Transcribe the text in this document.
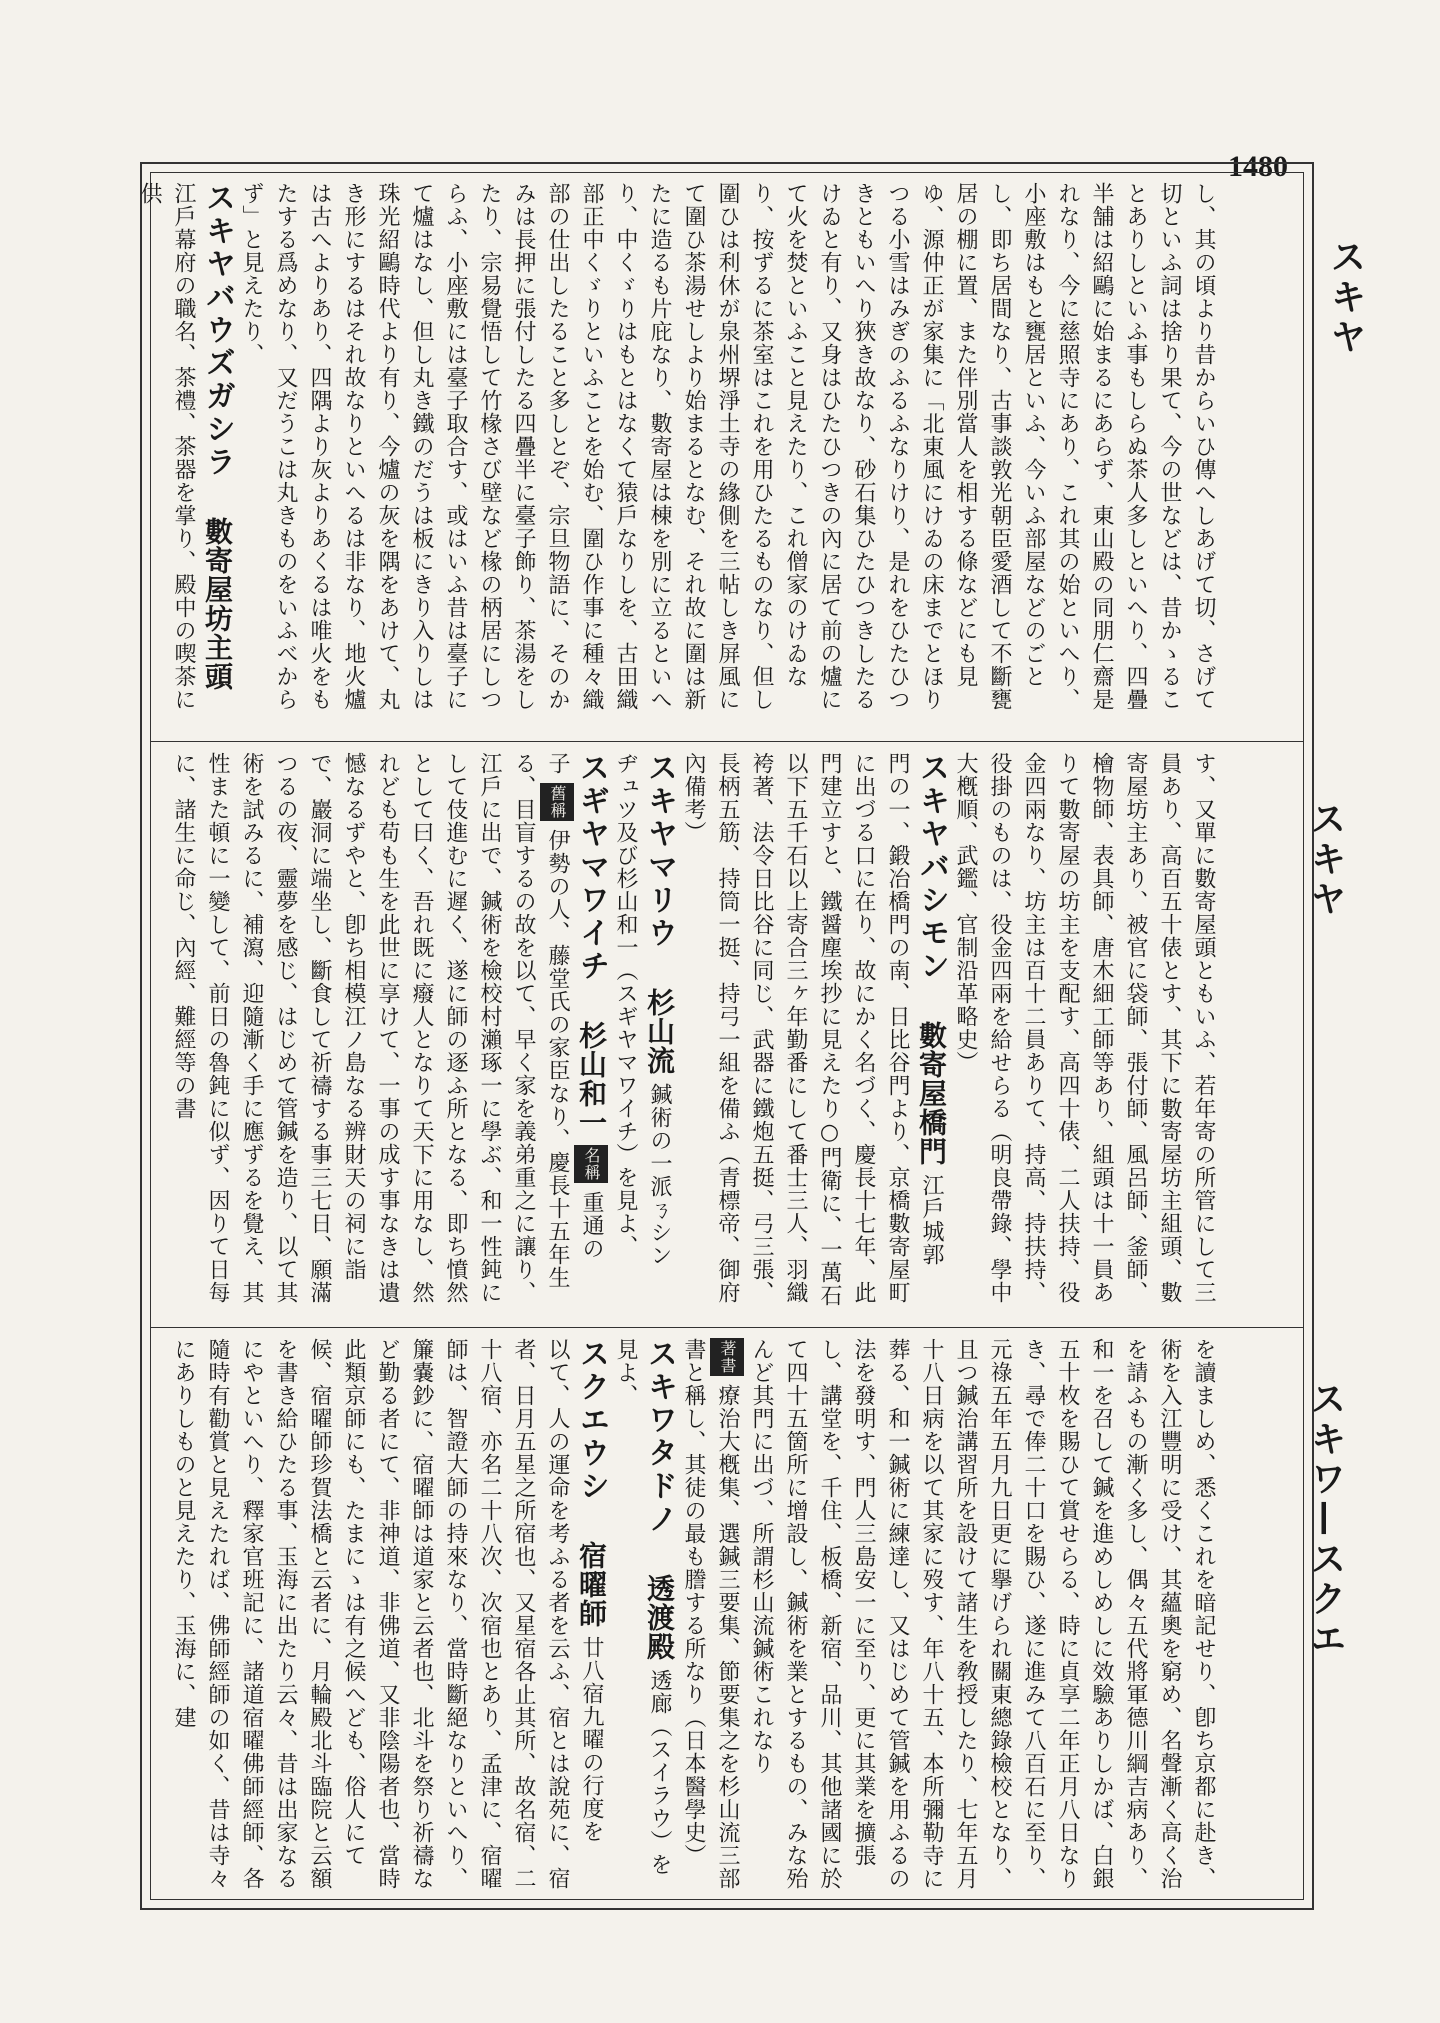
1480
スキヤ
スキヤ
スキワ—スクエ
し、其の頃より昔からいひ傳へしあげて切、さげて切といふ詞は捨り果て、今の世などは、昔かゝることありしといふ事もしらぬ茶人多しといへり、四疊半舗は紹鷗に始まるにあらず、東山殿の同朋仁齋是れなり、今に慈照寺にあり、これ其の始といへり、小座敷はもと甕居といふ、今いふ部屋などのごとし、即ち居間なり、古事談敦光朝臣愛酒して不斷甕居の棚に置、また伴別當人を相する條などにも見ゆ、源仲正が家集に「北東風にけゐの床までとほりつる小雪はみぎのふるふなりけり、是れをひたひつきともいへり狹き故なり、砂石集ひたひつきしたるけゐと有り、又身はひたひつきの內に居て前の爐にて火を焚といふこと見えたり、これ僧家のけゐなり、按ずるに茶室はこれを用ひたるものなり、但し圍ひは利休が泉州堺淨土寺の緣側を三帖しき屏風にて圍ひ茶湯せしより始まるとなむ、それ故に圍は新たに造るも片庇なり、數寄屋は棟を別に立るといへり、中くゞりはもとはなくて猿戶なりしを、古田織部正中くゞりといふことを始む、圍ひ作事に種々織部の仕出したること多しとぞ、宗旦物語に、そのかみは長押に張付したる四疊半に臺子飾り、茶湯をしたり、宗易覺悟して竹椽さび壁など椽の柄居にしつらふ、小座敷には臺子取合す、或はいふ昔は臺子にて爐はなし、但し丸き鐵のだうは板にきり入りしは珠光紹鷗時代より有り、今爐の灰を隅をあけて、丸き形にするはそれ故なりといへるは非なり、地火爐は古へよりあり、四隅より灰よりあくるは唯火をもたする爲めなり、又だうこは丸きものをいふべからず」と見えたり、
スキヤバウズガシラ 數寄屋坊主頭
江戶幕府の職名、茶禮、茶器を掌り、殿中の喫茶に供
す、又單に數寄屋頭ともいふ、若年寄の所管にして三員あり、高百五十俵とす、其下に數寄屋坊主組頭、數寄屋坊主あり、被官に袋師、張付師、風呂師、釜師、檜物師、表具師、唐木細工師等あり、組頭は十一員ありて數寄屋の坊主を支配す、高四十俵、二人扶持、役金四兩なり、坊主は百十二員ありて、持高、持扶持、役掛のものは、役金四兩を給せらる（明良帶錄、學中大槪順、武鑑、官制沿革略史）
スキヤバシモン 數寄屋橋門 江戶城郭
門の一、鍛冶橋門の南、日比谷門より、京橋數寄屋町に出づる口に在り、故にかく名づく、慶長十七年、此門建立すと、鐵醤塵埃抄に見えたり○門衛に、一萬石以下五千石以上寄合三ヶ年勤番にして番士三人、羽織袴著、法令日比谷に同じ、武器に鐵炮五挺、弓三張、長柄五筋、持筒一挺、持弓一組を備ふ（青標帝、御府內備考）
スキヤマリウ 杉山流 鍼術の一派ㄋシン
ヂュツ及び杉山和一（スギヤマワイチ）を見よ、
スギヤマワイチ 杉山和一 名稱 重通の
子 舊稱 伊勢の人、藤堂氏の家臣なり、慶長十五年生る、目盲するの故を以て、早く家を義弟重之に讓り、江戶に出で、鍼術を檢校村瀨琢一に學ぶ、和一性鈍にして伎進むに遲く、遂に師の逐ふ所となる、即ち憤然として曰く、吾れ既に癈人となりて天下に用なし、然れども苟も生を此世に享けて、一事の成す事なきは遺憾なるずやと、卽ち相模江ノ島なる辨財天の祠に詣で、巖洞に端坐し、斷食して祈禱する事三七日、願滿つるの夜、靈夢を感じ、はじめて管鍼を造り、以て其術を試みるに、補瀉、迎隨漸く手に應ずるを覺え、其性また頓に一變して、前日の魯鈍に似ず、因りて日每に、諸生に命じ、內經、難經等の書
を讀ましめ、悉くこれを暗記せり、卽ち京都に赴き、術を入江豐明に受け、其蘊奧を窮め、名聲漸く高く治を請ふもの漸く多し、偶々五代將軍德川綱吉病あり、和一を召して鍼を進めしめしに效驗ありしかば、白銀五十枚を賜ひて賞せらる、時に貞享二年正月八日なりき、尋で俸二十口を賜ひ、遂に進みて八百石に至り、元祿五年五月九日更に擧げられ關東總錄檢校となり、且つ鍼治講習所を設けて諸生を敎授したり、七年五月十八日病を以て其家に歿す、年八十五、本所彌勒寺に葬る、和一鍼術に練達し、又はじめて管鍼を用ふるの法を發明す、門人三島安一に至り、更に其業を擴張し、講堂を、千住、板橋、新宿、品川、其他諸國に於て四十五箇所に增設し、鍼術を業とするもの、みな殆んど其門に出づ、所謂杉山流鍼術これなり
著書 療治大槪集、選鍼三要集、節要集之を杉山流三部書と稱し、其徒の最も謄する所なり（日本醫學史）
スキワタドノ 透渡殿 透廊（スイラウ）を見よ、
スクエウシ 宿曜師 廿八宿九曜の行度を
以て、人の運命を考ふる者を云ふ、宿とは說苑に、宿者、日月五星之所宿也、又星宿各止其所、故名宿、二十八宿、亦名二十八次、次宿也とあり、孟津に、宿曜師は、智證大師の持來なり、當時斷絕なりといへり、簾嚢鈔に、宿曜師は道家と云者也、北斗を祭り祈禱など勤る者にて、非神道、非佛道、又非陰陽者也、當時此類京師にも、たまにゝは有之候へども、俗人にて候、宿曜師珍賀法橋と云者に、月輪殿北斗臨院と云額を書き給ひたる事、玉海に出たり云々、昔は出家なるにやといへり、釋家官班記に、諸道宿曜佛師經師、各隨時有勸賞と見えたれば、佛師經師の如く、昔は寺々にありしものと見えたり、玉海に、建
